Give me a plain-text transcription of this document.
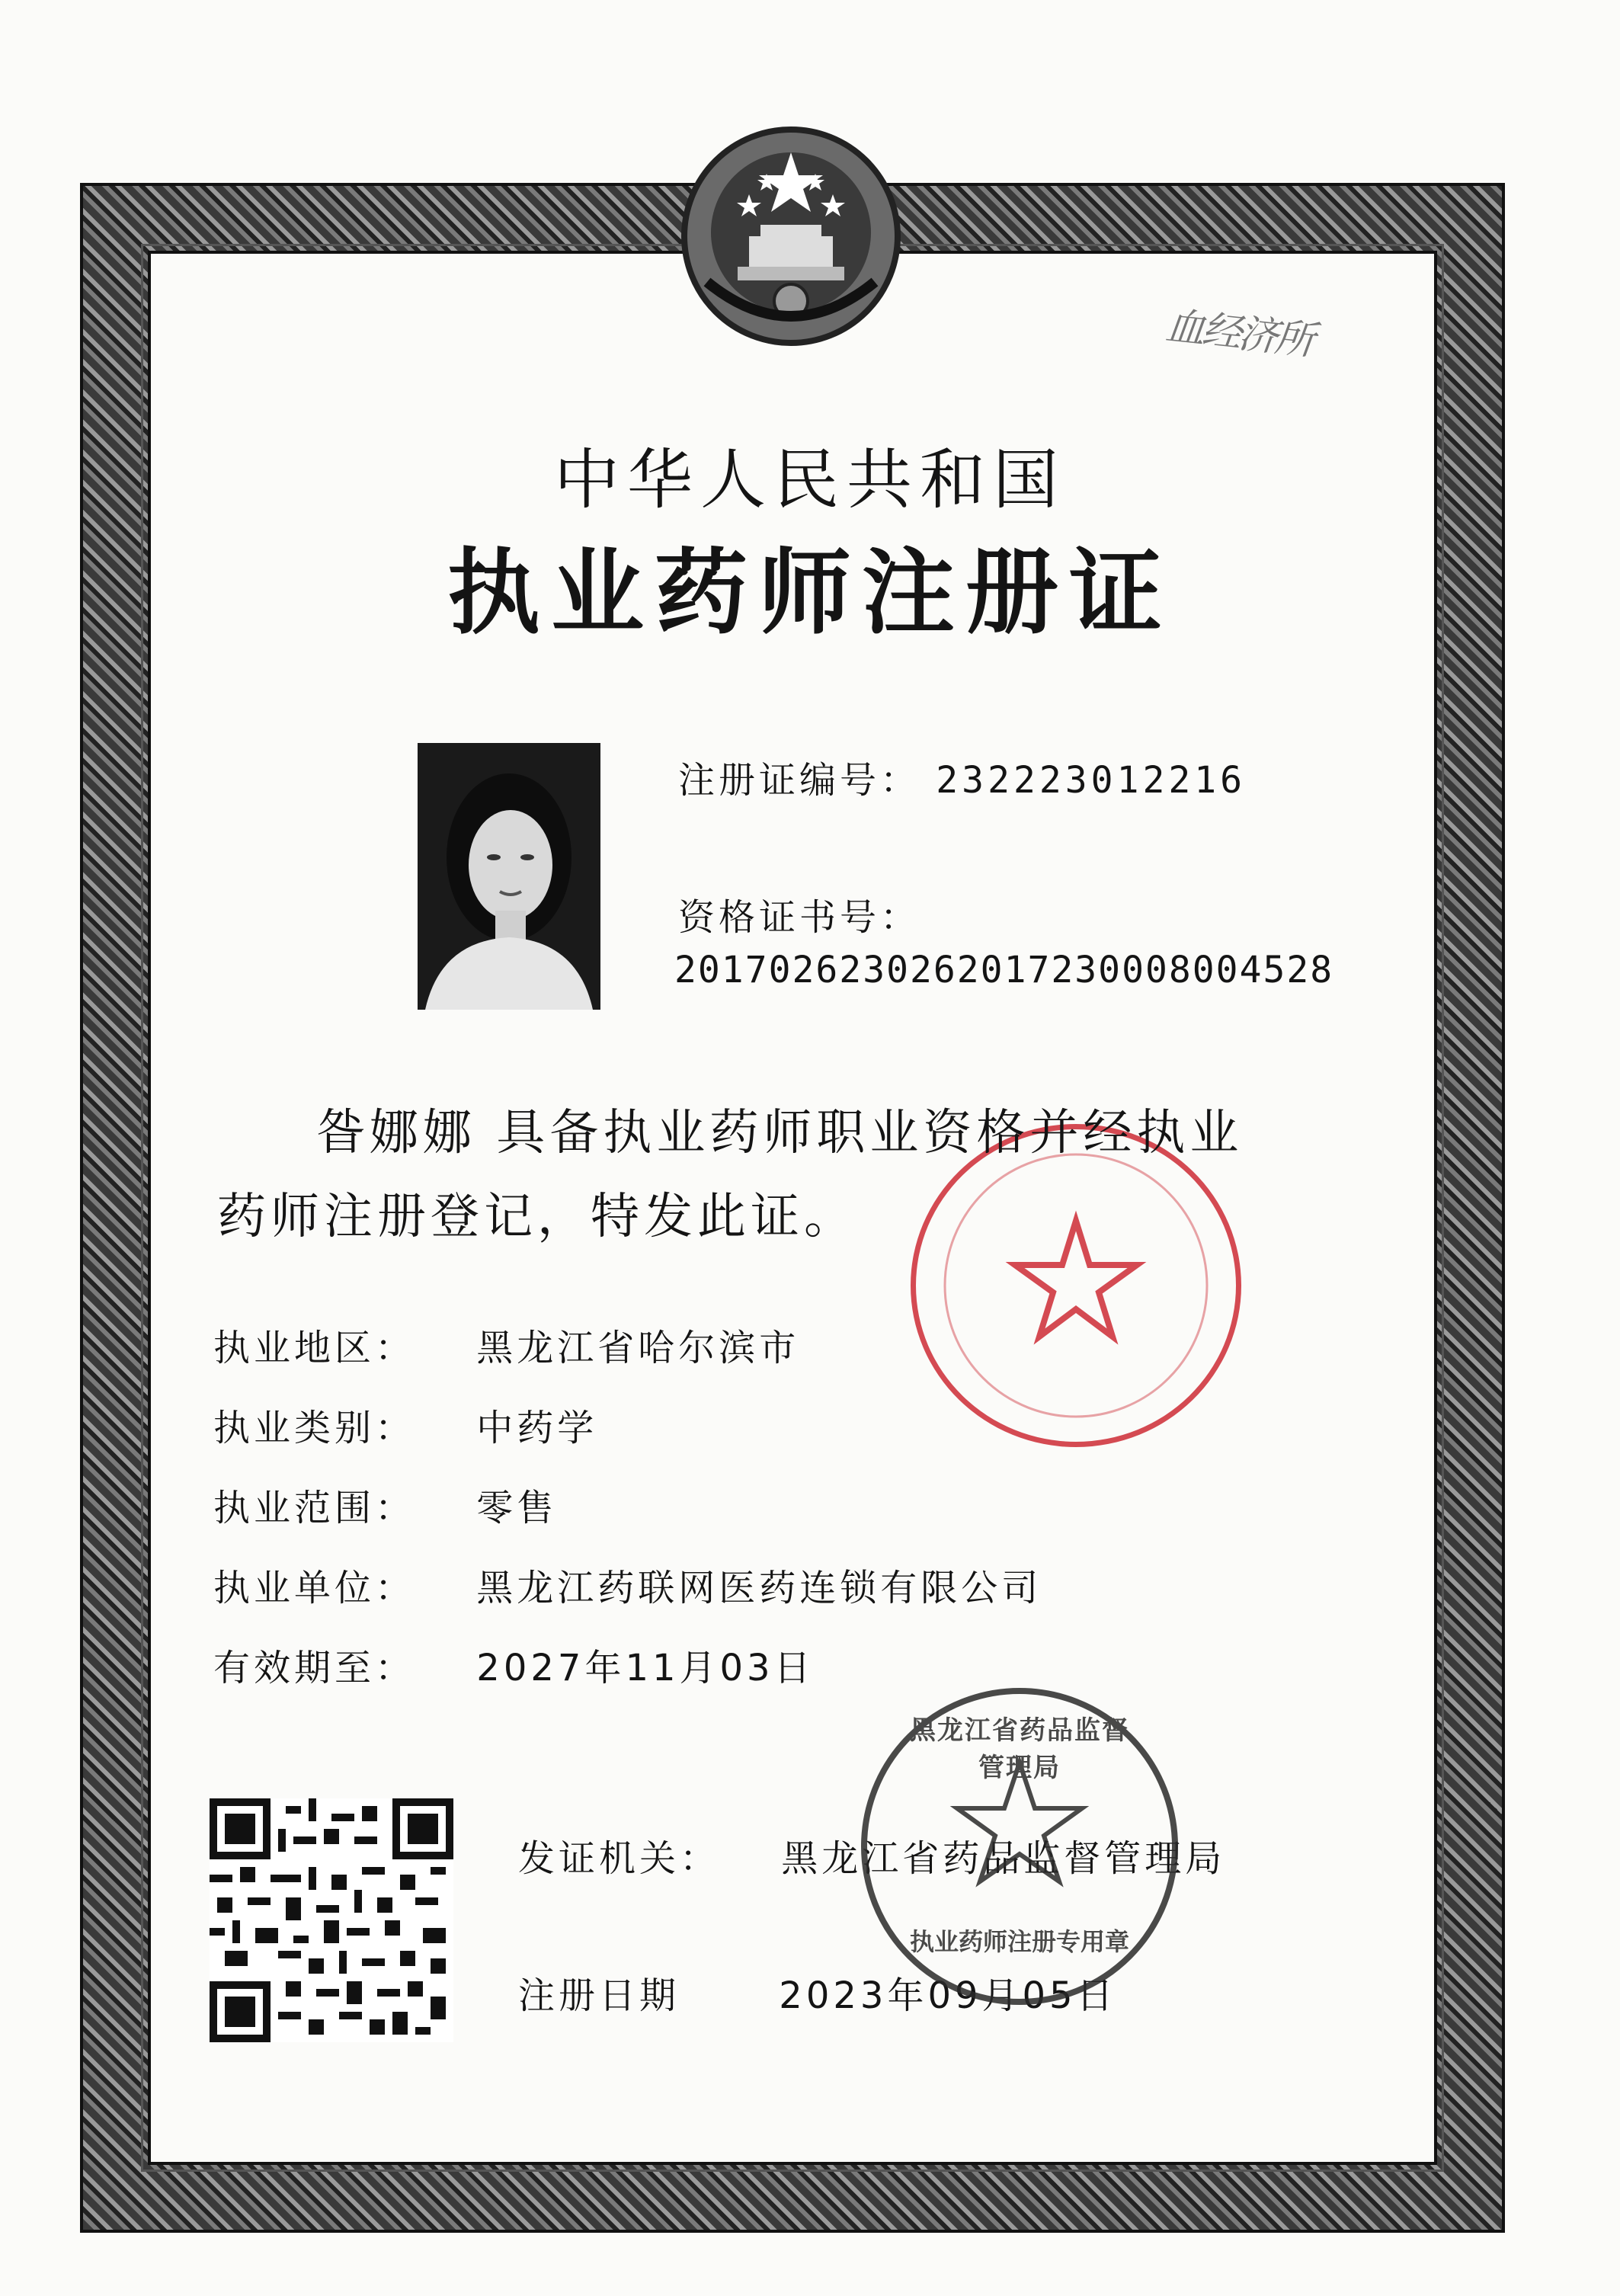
中华人民共和国
执业药师注册证
血经济所
注册证编号： 232223012216
资格证书号：
20170262302620172300080045​28
昝娜娜 具备执业药师职业资格并经执业
药师注册登记，特发此证。
执业地区： 黑龙江省哈尔滨市
执业类别： 中药学
执业范围： 零售
执业单位： 黑龙江药联网医药连锁有限公司
有效期至： 2027年11月03日
发证机关： 黑龙江省药品监督管理局
注册日期	2023年09月05日
黑龙江省药品监督管理局
执业药师注册专用章
